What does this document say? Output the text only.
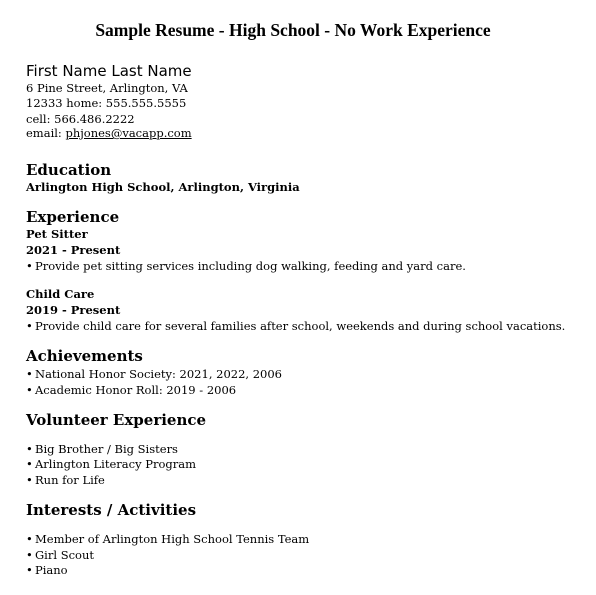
Sample Resume - High School - No Work Experience
First Name Last Name
6 Pine Street, Arlington, VA
12333 home: 555.555.5555
cell: 566.486.2222
email: phjones@vacapp.com
Education
Arlington High School, Arlington, Virginia
Experience
Pet Sitter
2021 - Present
• Provide pet sitting services including dog walking, feeding and yard care.
Child Care
2019 - Present
• Provide child care for several families after school, weekends and during school vacations.
Achievements
• National Honor Society: 2021, 2022, 2006
• Academic Honor Roll: 2019 - 2006
Volunteer Experience
• Big Brother / Big Sisters
• Arlington Literacy Program
• Run for Life
Interests / Activities
• Member of Arlington High School Tennis Team
• Girl Scout
• Piano
